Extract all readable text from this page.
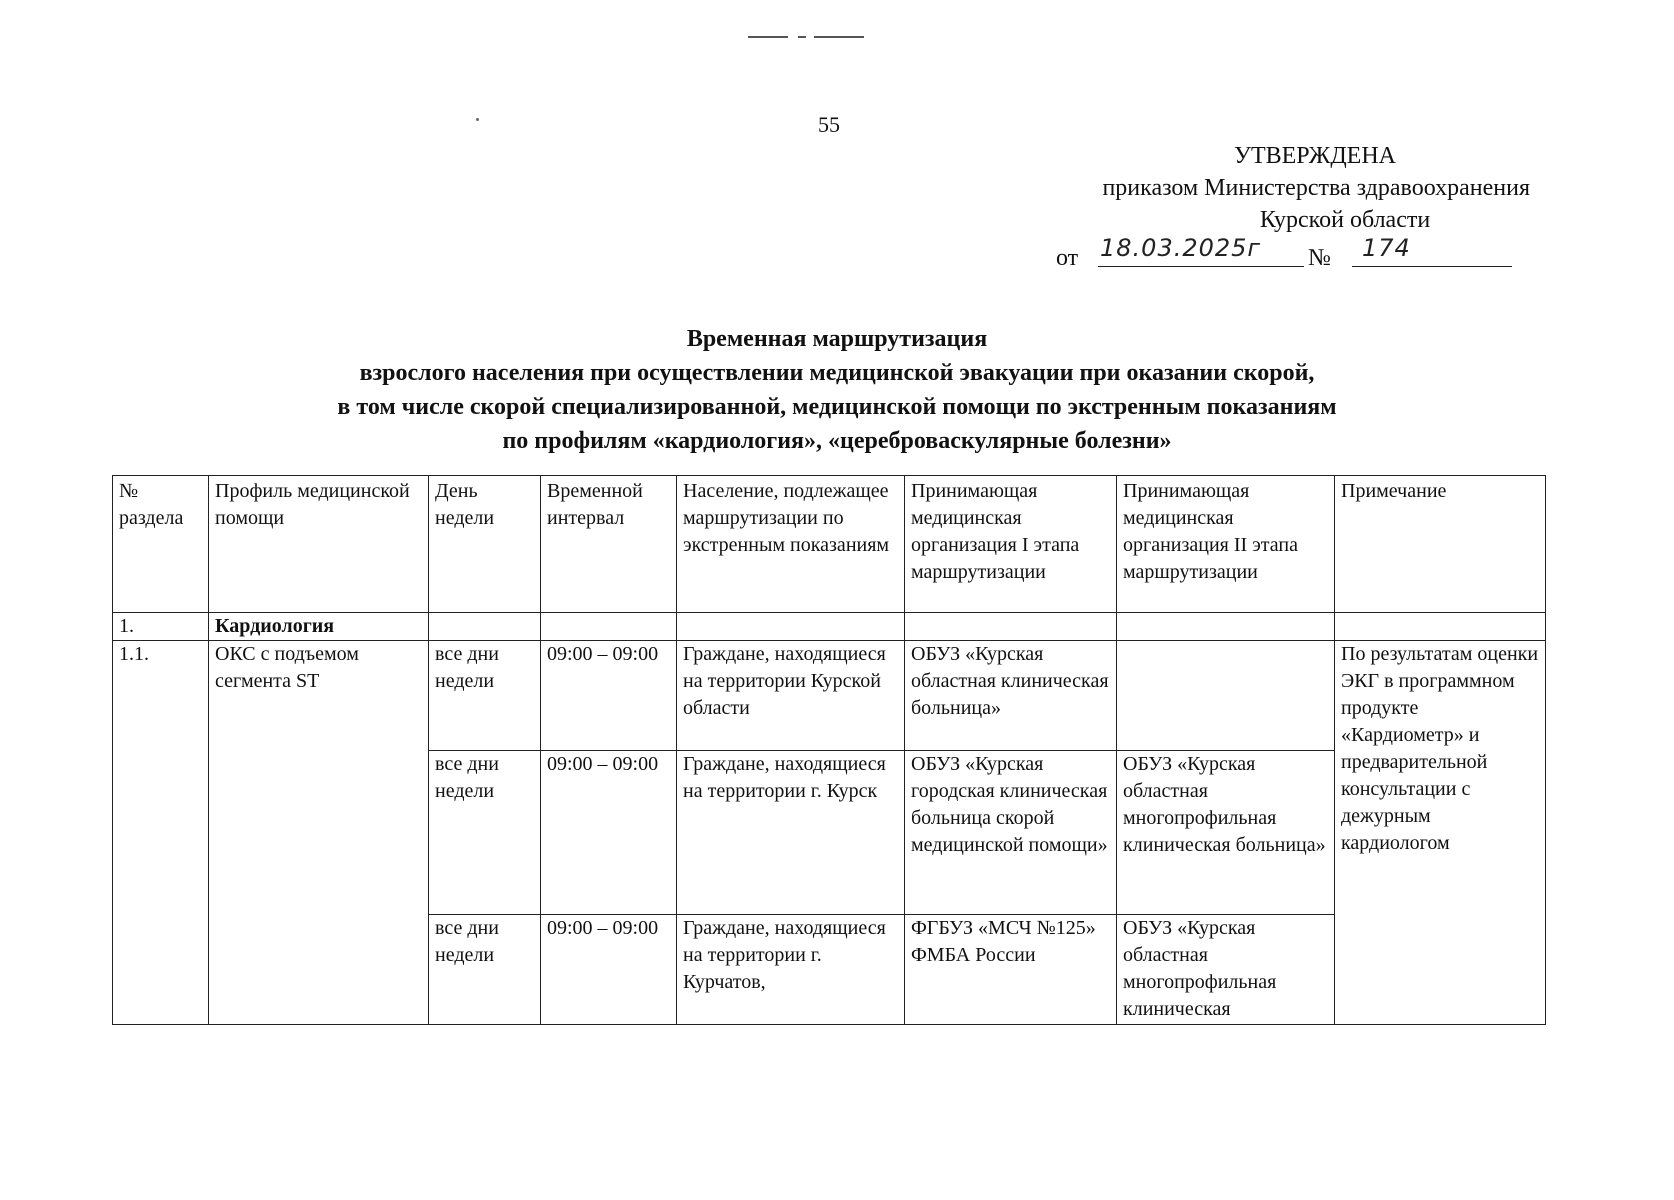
55
УТВЕРЖДЕНА
приказом Министерства здравоохранения
Курской области
от	№
18.03.2025г	174
Временная маршрутизация
взрослого населения при осуществлении медицинской эвакуации при оказании скорой,
в том числе скорой специализированной, медицинской помощи по экстренным показаниям
по профилям «кардиология», «цереброваскулярные болезни»
№ раздела	Профиль медицинской помощи	День недели	Временной интервал	Население, подлежащее маршрутизации по экстренным показаниям	Принимающая медицинская организация I этапа маршрутизации	Принимающая медицинская организация II этапа маршрутизации	Примечание
1.	Кардиология						
1.1.	ОКС с подъемом сегмента ST	все дни недели	09:00 – 09:00	Граждане, находящиеся на территории Курской области	ОБУЗ «Курская областная клиническая больница»		По результатам оценки ЭКГ в программном продукте «Кардиометр» и предварительной консультации с дежурным кардиологом
		все дни недели	09:00 – 09:00	Граждане, находящиеся на территории г. Курск	ОБУЗ «Курская городская клиническая больница скорой медицинской помощи»	ОБУЗ «Курская областная многопрофильная клиническая больница»	
		все дни недели	09:00 – 09:00	Граждане, находящиеся на территории г. Курчатов,	ФГБУЗ «МСЧ №125» ФМБА России	ОБУЗ «Курская областная многопрофильная клиническая	
